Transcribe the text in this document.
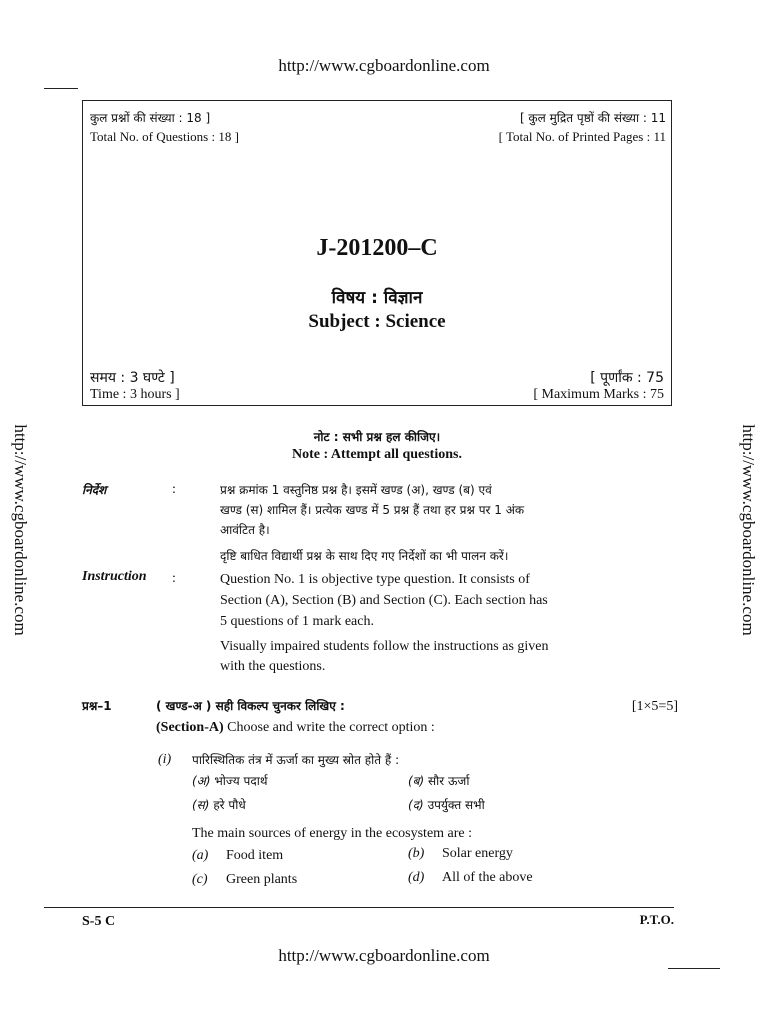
http://www.cgboardonline.com
http://www.cgboardonline.com	http://www.cgboardonline.com
कुल प्रश्नों की संख्या : 18 ]
Total No. of Questions : 18 ]
[ कुल मुद्रित पृष्ठों की संख्या : 11
[ Total No. of Printed Pages : 11
J-201200–C
विषय : विज्ञान
Subject : Science
समय : 3 घण्टे ]
Time : 3 hours ]
[ पूर्णांक : 75
[ Maximum Marks : 75
नोट : सभी प्रश्न हल कीजिए।
Note : Attempt all questions.
निर्देश	:	प्रश्न क्रमांक 1 वस्तुनिष्ठ प्रश्न है। इसमें खण्ड (अ), खण्ड (ब) एवं
खण्ड (स) शामिल हैं। प्रत्येक खण्ड में 5 प्रश्न हैं तथा हर प्रश्न पर 1 अंक
आवंटित है।
दृष्टि बाधित विद्यार्थी प्रश्न के साथ दिए गए निर्देशों का भी पालन करें।
Instruction :	Question No. 1 is objective type question. It consists of
Section (A), Section (B) and Section (C). Each section has
5 questions of 1 mark each.
Visually impaired students follow the instructions as given
with the questions.
प्रश्न–1	( खण्ड-अ ) सही विकल्प चुनकर लिखिए :	[1×5=5]
(Section-A) Choose and write the correct option :
(i) पारिस्थितिक तंत्र में ऊर्जा का मुख्य स्रोत होते हैं :
(अ) भोज्य पदार्थ	(ब) सौर ऊर्जा
(स) हरे पौधे	(द) उपर्युक्त सभी
The main sources of energy in the ecosystem are :
(a) Food item	(b) Solar energy
(c) Green plants	(d) All of the above
S-5 C	P.T.O.
http://www.cgboardonline.com
